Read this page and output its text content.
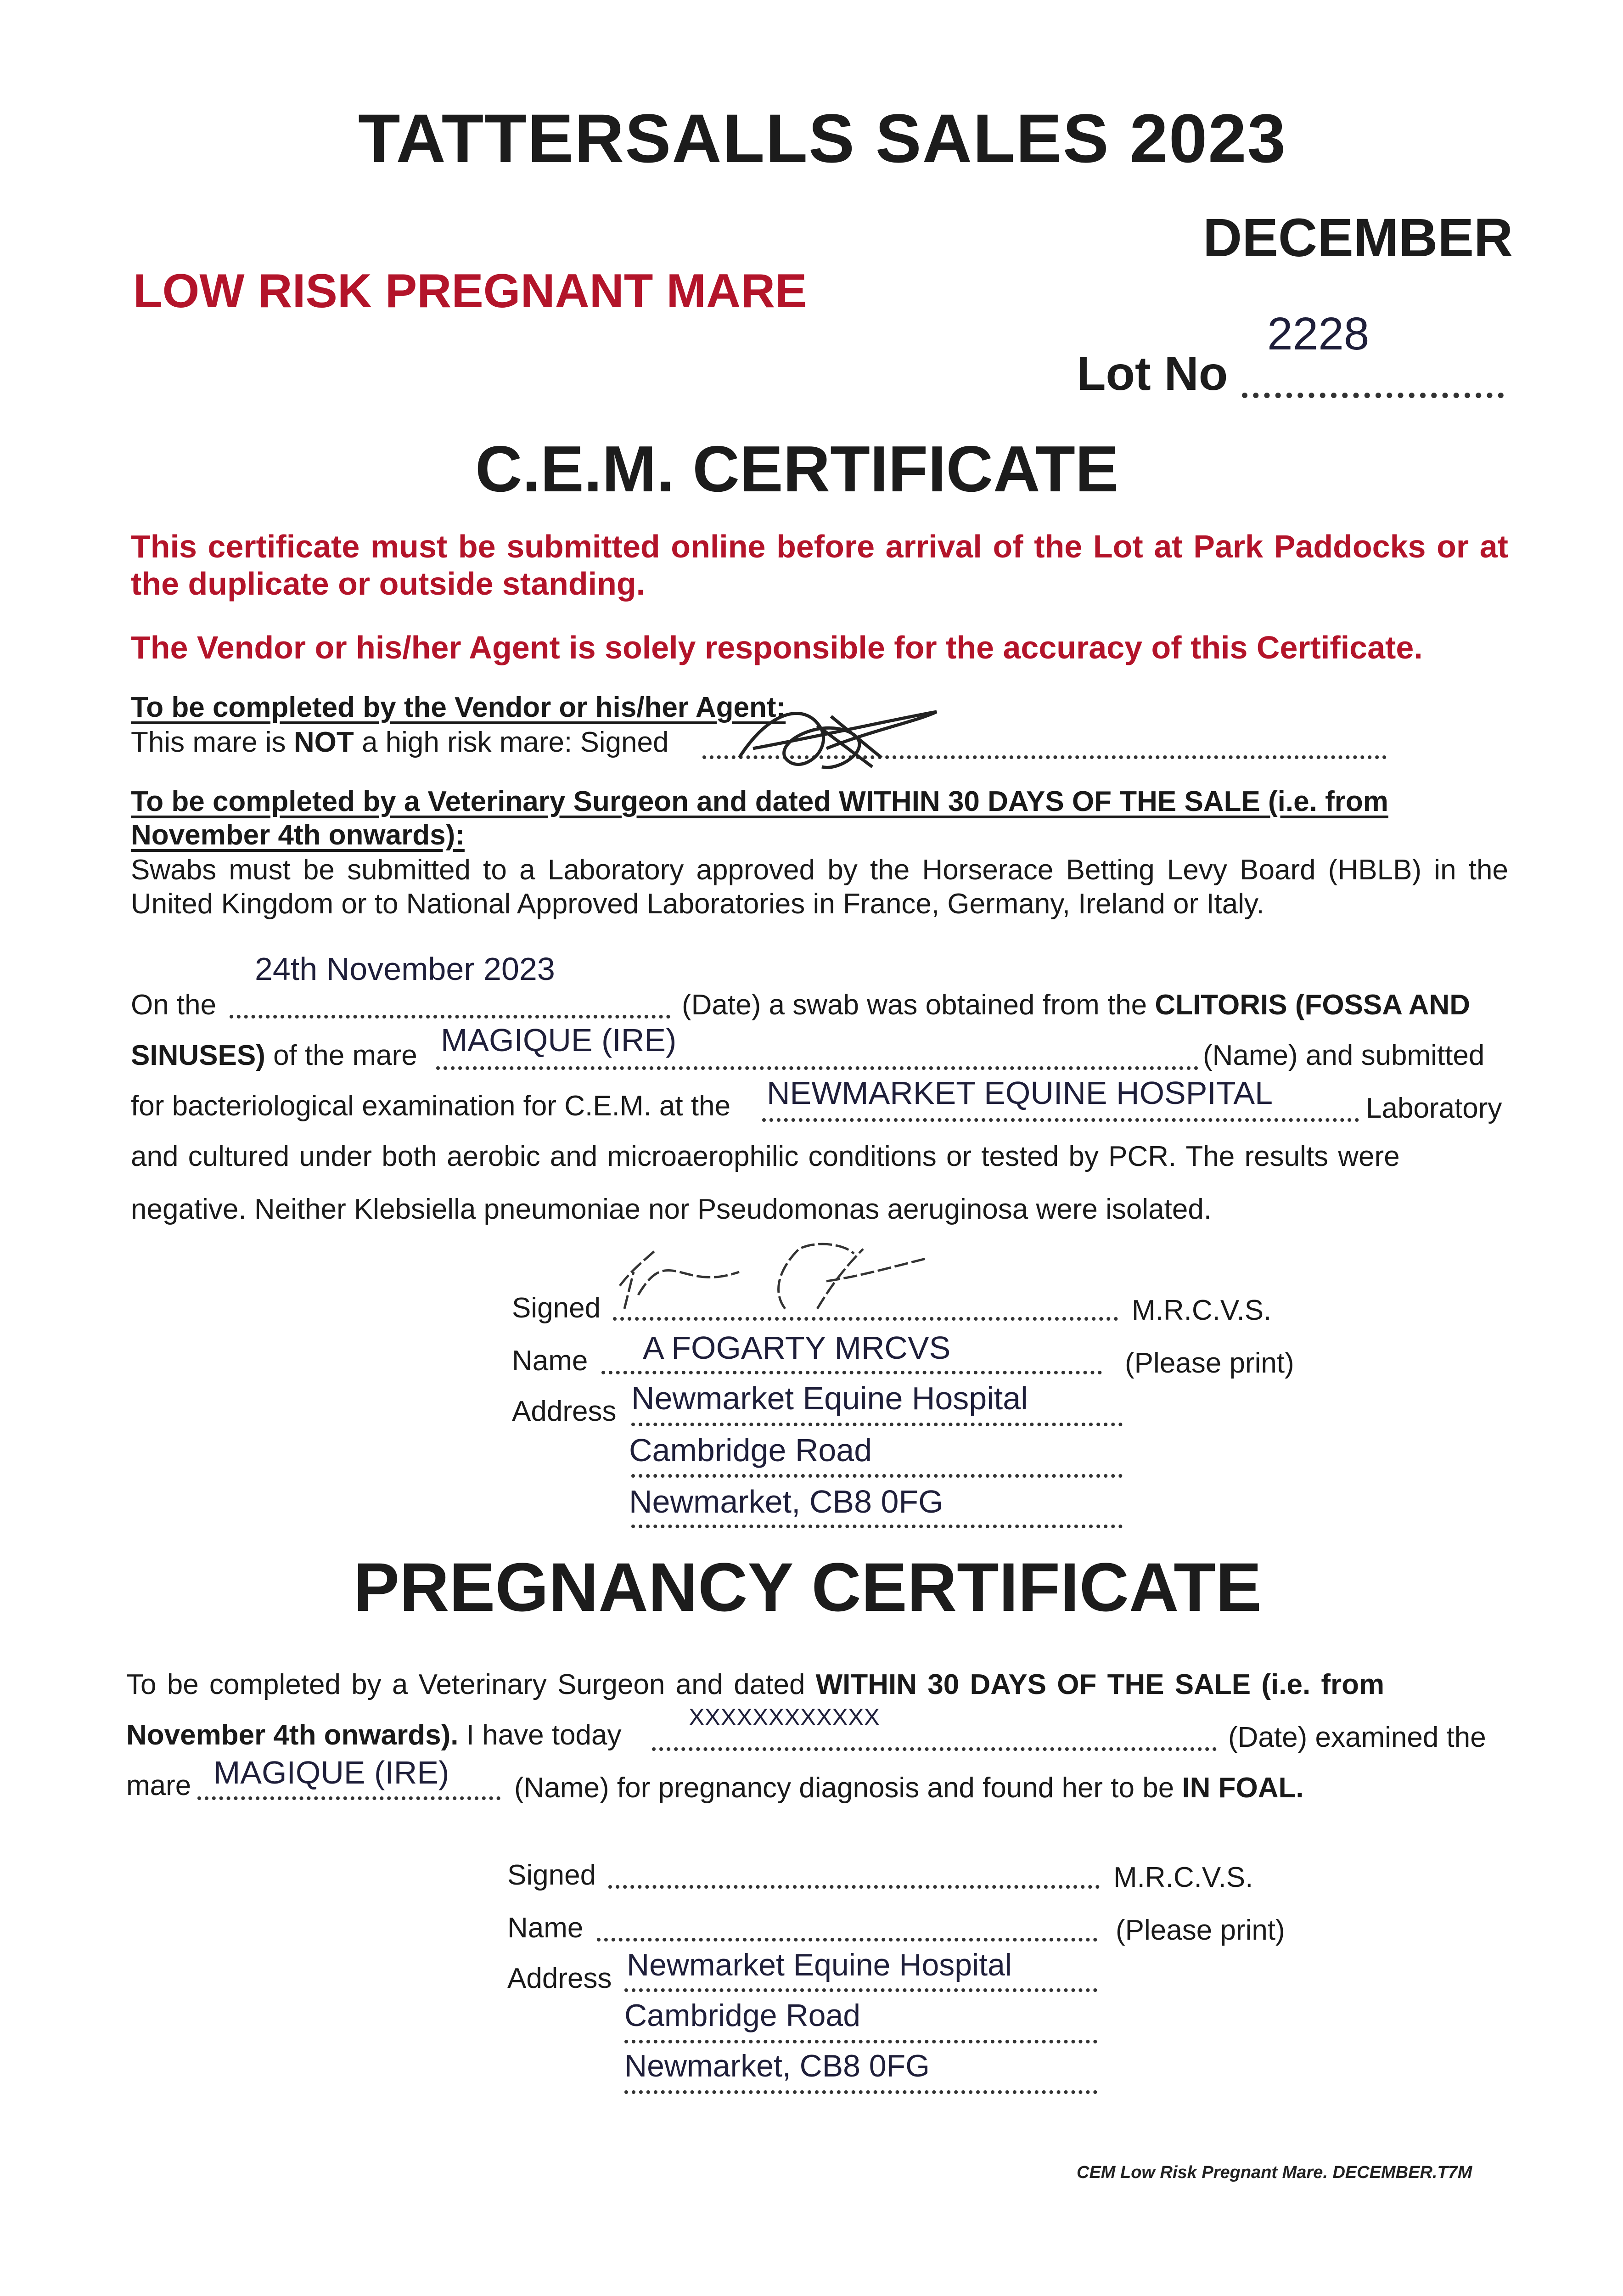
TATTERSALLS SALES 2023
DECEMBER
LOW RISK PREGNANT MARE
2228
Lot No
C.E.M. CERTIFICATE
This certificate must be submitted online before arrival of the Lot at Park Paddocks or at the duplicate or outside standing.
The Vendor or his/her Agent is solely responsible for the accuracy of this Certificate.
To be completed by the Vendor or his/her Agent:
This mare is NOT a high risk mare: Signed
To be completed by a Veterinary Surgeon and dated WITHIN 30 DAYS OF THE SALE (i.e. from
November 4th onwards):
Swabs must be submitted to a Laboratory approved by the Horserace Betting Levy Board (HBLB) in the United Kingdom or to National Approved Laboratories in France, Germany, Ireland or Italy.
24th November 2023
On the	(Date) a swab was obtained from the CLITORIS (FOSSA AND
SINUSES) of the mare MAGIQUE (IRE)	(Name) and submitted
for bacteriological examination for C.E.M. at the NEWMARKET EQUINE HOSPITAL	Laboratory
and cultured under both aerobic and microaerophilic conditions or tested by PCR. The results were
negative. Neither Klebsiella pneumoniae nor Pseudomonas aeruginosa were isolated.
Signed	M.R.C.V.S.
Name A FOGARTY MRCVS	(Please print)
Address Newmarket Equine Hospital
Cambridge Road
Newmarket, CB8 0FG
PREGNANCY CERTIFICATE
To be completed by a Veterinary Surgeon and dated WITHIN 30 DAYS OF THE SALE (i.e. from
November 4th onwards). I have today
XXXXXXXXXXXX
(Date) examined the
mare MAGIQUE (IRE) (Name) for pregnancy diagnosis and found her to be IN FOAL.
Signed	M.R.C.V.S.
Name	(Please print)
Address Newmarket Equine Hospital
Cambridge Road
Newmarket, CB8 0FG
CEM Low Risk Pregnant Mare. DECEMBER.T7M
